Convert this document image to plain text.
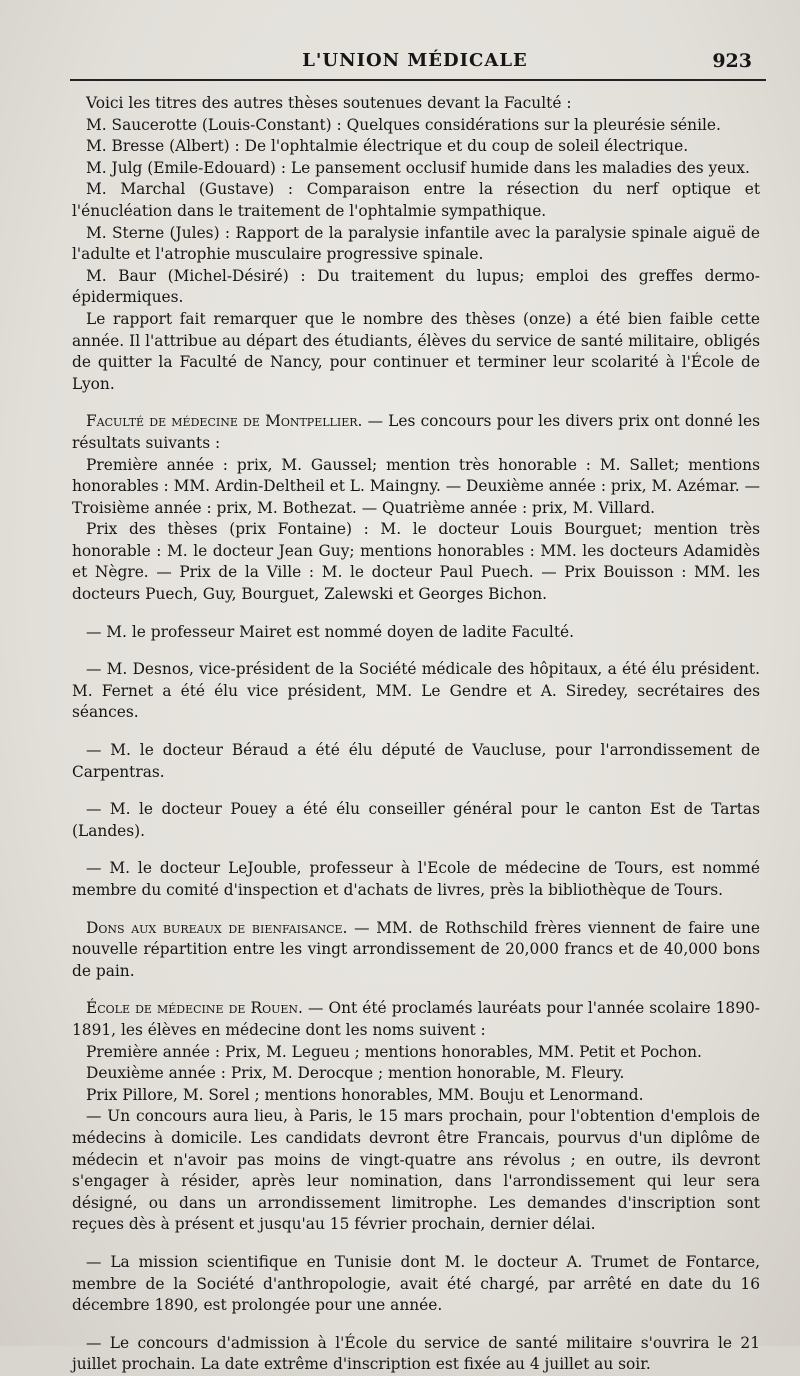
L'UNION MÉDICALE	923

Voici les titres des autres thèses soutenues devant la Faculté :

M. Saucerotte (Louis-Constant) : Quelques considérations sur la pleurésie sénile.

M. Bresse (Albert) : De l'ophtalmie électrique et du coup de soleil électrique.

M. Julg (Emile-Edouard) : Le pansement occlusif humide dans les maladies des yeux.

M. Marchal (Gustave) : Comparaison entre la résection du nerf optique et l'énucléation dans le traitement de l'ophtalmie sympathique.

M. Sterne (Jules) : Rapport de la paralysie infantile avec la paralysie spinale aiguë de l'adulte et l'atrophie musculaire progressive spinale.

M. Baur (Michel-Désiré) : Du traitement du lupus; emploi des greffes dermo-épidermiques.

Le rapport fait remarquer que le nombre des thèses (onze) a été bien faible cette année. Il l'attribue au départ des étudiants, élèves du service de santé militaire, obligés de quitter la Faculté de Nancy, pour continuer et terminer leur scolarité à l'École de Lyon.

Faculté de médecine de Montpellier. — Les concours pour les divers prix ont donné les résultats suivants :

Première année : prix, M. Gaussel; mention très honorable : M. Sallet; mentions honorables : MM. Ardin-Deltheil et L. Maingny. — Deuxième année : prix, M. Azémar. — Troisième année : prix, M. Bothezat. — Quatrième année : prix, M. Villard.

Prix des thèses (prix Fontaine) : M. le docteur Louis Bourguet; mention très honorable : M. le docteur Jean Guy; mentions honorables : MM. les docteurs Adamidès et Nègre. — Prix de la Ville : M. le docteur Paul Puech. — Prix Bouisson : MM. les docteurs Puech, Guy, Bourguet, Zalewski et Georges Bichon.

— M. le professeur Mairet est nommé doyen de ladite Faculté.

— M. Desnos, vice-président de la Société médicale des hôpitaux, a été élu président. M. Fernet a été élu vice président, MM. Le Gendre et A. Siredey, secrétaires des séances.

— M. le docteur Béraud a été élu député de Vaucluse, pour l'arrondissement de Carpentras.

— M. le docteur Pouey a été élu conseiller général pour le canton Est de Tartas (Landes).

— M. le docteur LeJouble, professeur à l'Ecole de médecine de Tours, est nommé membre du comité d'inspection et d'achats de livres, près la bibliothèque de Tours.

Dons aux bureaux de bienfaisance. — MM. de Rothschild frères viennent de faire une nouvelle répartition entre les vingt arrondissement de 20,000 francs et de 40,000 bons de pain.

École de médecine de Rouen. — Ont été proclamés lauréats pour l'année scolaire 1890-1891, les élèves en médecine dont les noms suivent :

Première année : Prix, M. Legueu ; mentions honorables, MM. Petit et Pochon.

Deuxième année : Prix, M. Derocque ; mention honorable, M. Fleury.

Prix Pillore, M. Sorel ; mentions honorables, MM. Bouju et Lenormand.

— Un concours aura lieu, à Paris, le 15 mars prochain, pour l'obtention d'emplois de médecins à domicile. Les candidats devront être Francais, pourvus d'un diplôme de médecin et n'avoir pas moins de vingt-quatre ans révolus ; en outre, ils devront s'engager à résider, après leur nomination, dans l'arrondissement qui leur sera désigné, ou dans un arrondissement limitrophe. Les demandes d'inscription sont reçues dès à présent et jusqu'au 15 février prochain, dernier délai.

— La mission scientifique en Tunisie dont M. le docteur A. Trumet de Fontarce, membre de la Société d'anthropologie, avait été chargé, par arrêté en date du 16 décembre 1890, est prolongée pour une année.

— Le concours d'admission à l'École du service de santé militaire s'ouvrira le 21 juillet prochain. La date extrême d'inscription est fixée au 4 juillet au soir.
